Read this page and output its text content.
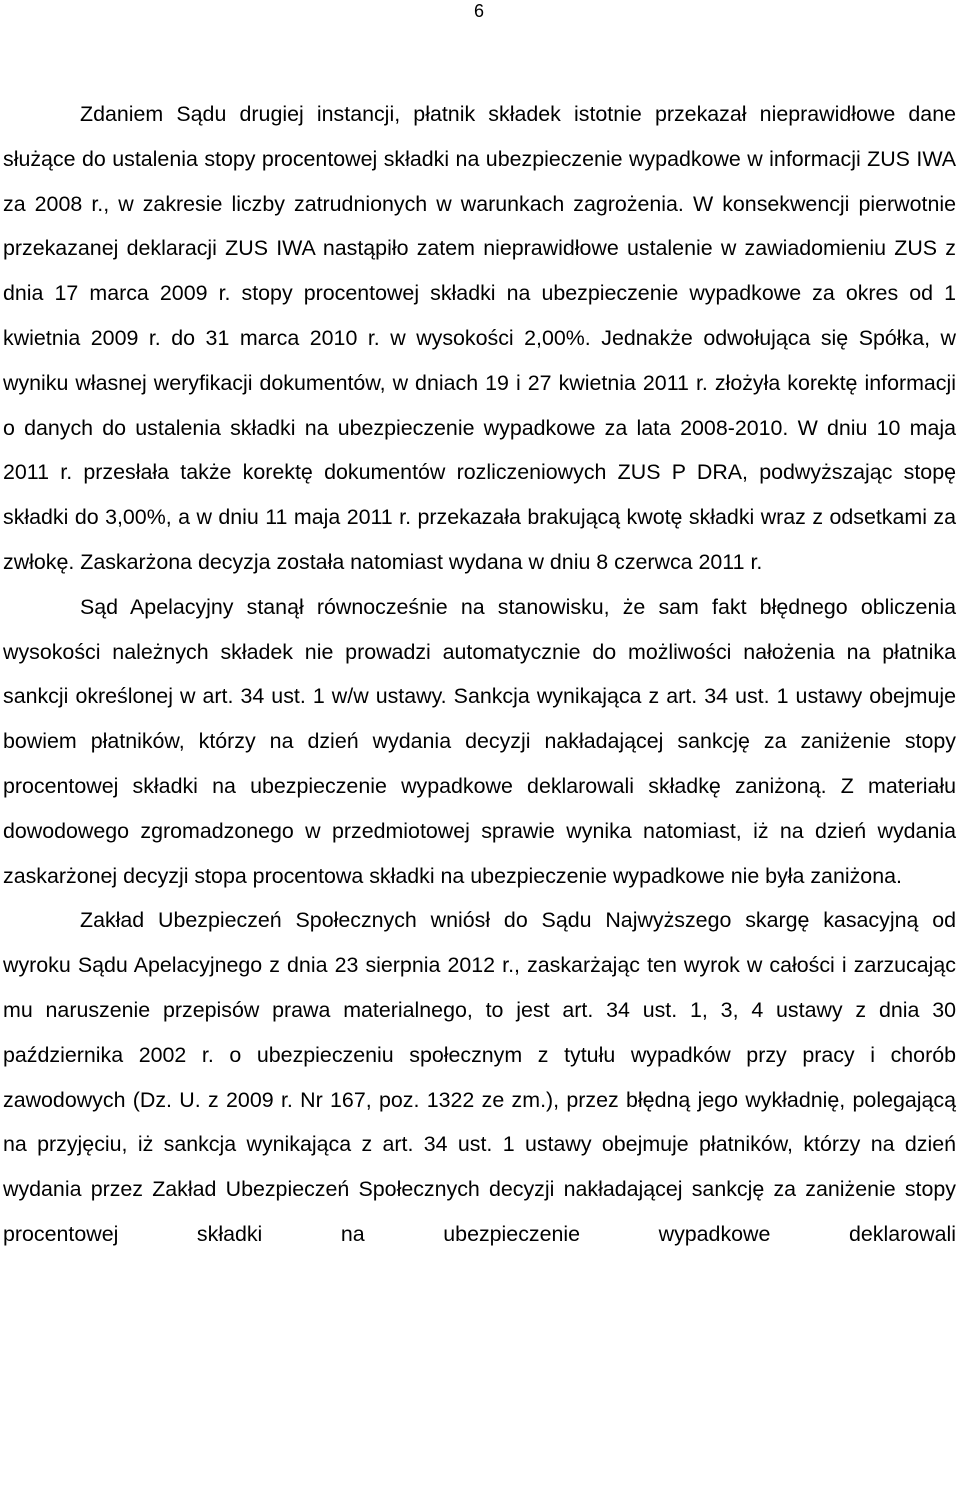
6

Zdaniem Sądu drugiej instancji, płatnik składek istotnie przekazał nieprawidłowe dane służące do ustalenia stopy procentowej składki na ubezpieczenie wypadkowe w informacji ZUS IWA za 2008 r., w zakresie liczby zatrudnionych w warunkach zagrożenia. W konsekwencji pierwotnie przekazanej deklaracji ZUS IWA nastąpiło zatem nieprawidłowe ustalenie w zawiadomieniu ZUS z dnia 17 marca 2009 r. stopy procentowej składki na ubezpieczenie wypadkowe za okres od 1 kwietnia 2009 r. do 31 marca 2010 r. w wysokości 2,00%. Jednakże odwołująca się Spółka, w wyniku własnej weryfikacji dokumentów, w dniach 19 i 27 kwietnia 2011 r. złożyła korektę informacji o danych do ustalenia składki na ubezpieczenie wypadkowe za lata 2008-2010. W dniu 10 maja 2011 r. przesłała także korektę dokumentów rozliczeniowych ZUS P DRA, podwyższając stopę składki do 3,00%, a w dniu 11 maja 2011 r. przekazała brakującą kwotę składki wraz z odsetkami za zwłokę. Zaskarżona decyzja została natomiast wydana w dniu 8 czerwca 2011 r.

Sąd Apelacyjny stanął równocześnie na stanowisku, że sam fakt błędnego obliczenia wysokości należnych składek nie prowadzi automatycznie do możliwości nałożenia na płatnika sankcji określonej w art. 34 ust. 1 w/w ustawy. Sankcja wynikająca z art. 34 ust. 1 ustawy obejmuje bowiem płatników, którzy na dzień wydania decyzji nakładającej sankcję za zaniżenie stopy procentowej składki na ubezpieczenie wypadkowe deklarowali składkę zaniżoną. Z materiału dowodowego zgromadzonego w przedmiotowej sprawie wynika natomiast, iż na dzień wydania zaskarżonej decyzji stopa procentowa składki na ubezpieczenie wypadkowe nie była zaniżona.

Zakład Ubezpieczeń Społecznych wniósł do Sądu Najwyższego skargę kasacyjną od wyroku Sądu Apelacyjnego z dnia 23 sierpnia 2012 r., zaskarżając ten wyrok w całości i zarzucając mu naruszenie przepisów prawa materialnego, to jest art. 34 ust. 1, 3, 4 ustawy z dnia 30 października 2002 r. o ubezpieczeniu społecznym z tytułu wypadków przy pracy i chorób zawodowych (Dz. U. z 2009 r. Nr 167, poz. 1322 ze zm.), przez błędną jego wykładnię, polegającą na przyjęciu, iż sankcja wynikająca z art. 34 ust. 1 ustawy obejmuje płatników, którzy na dzień wydania przez Zakład Ubezpieczeń Społecznych decyzji nakładającej sankcję za zaniżenie stopy procentowej składki na ubezpieczenie wypadkowe deklarowali
